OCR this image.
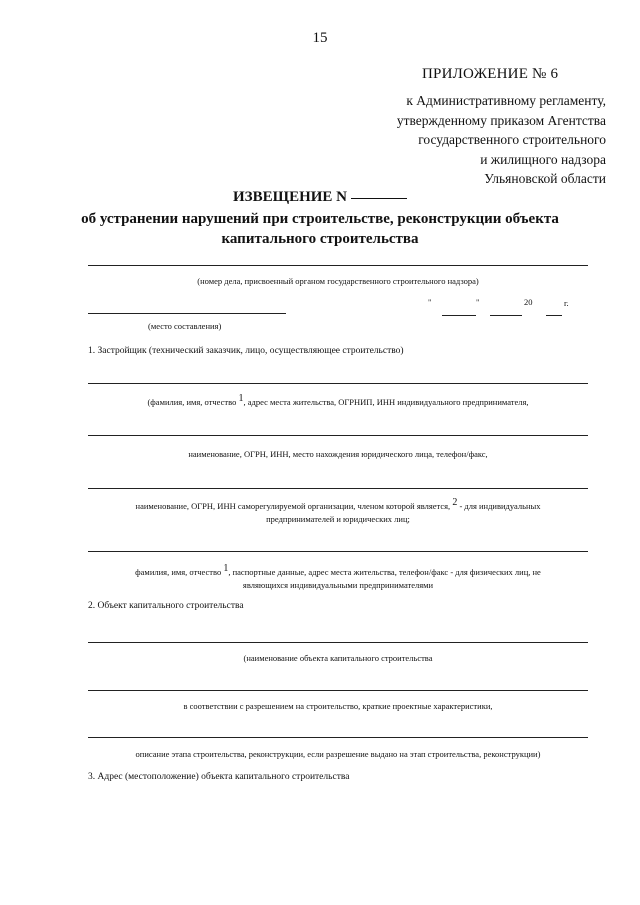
15
ПРИЛОЖЕНИЕ № 6
к Административному регламенту,
утвержденному приказом Агентства
государственного строительного
и жилищного надзора
Ульяновской области
ИЗВЕЩЕНИЕ N
об устранении нарушений при строительстве, реконструкции объекта
капитального строительства
(номер дела, присвоенный органом государственного строительного надзора)
"	"	20	г.
(место составления)
1. Застройщик (технический заказчик, лицо, осуществляющее строительство)
(фамилия, имя, отчество 1, адрес места жительства, ОГРНИП, ИНН индивидуального предпринимателя,
наименование, ОГРН, ИНН, место нахождения юридического лица, телефон/факс,
наименование, ОГРН, ИНН саморегулируемой организации, членом которой является, 2 - для индивидуальных
предпринимателей и юридических лиц;
фамилия, имя, отчество 1, паспортные данные, адрес места жительства, телефон/факс - для физических лиц, не
являющихся индивидуальными предпринимателями
2. Объект капитального строительства
(наименование объекта капитального строительства
в соответствии с разрешением на строительство, краткие проектные характеристики,
описание этапа строительства, реконструкции, если разрешение выдано на этап строительства, реконструкции)
3. Адрес (местоположение) объекта капитального строительства
